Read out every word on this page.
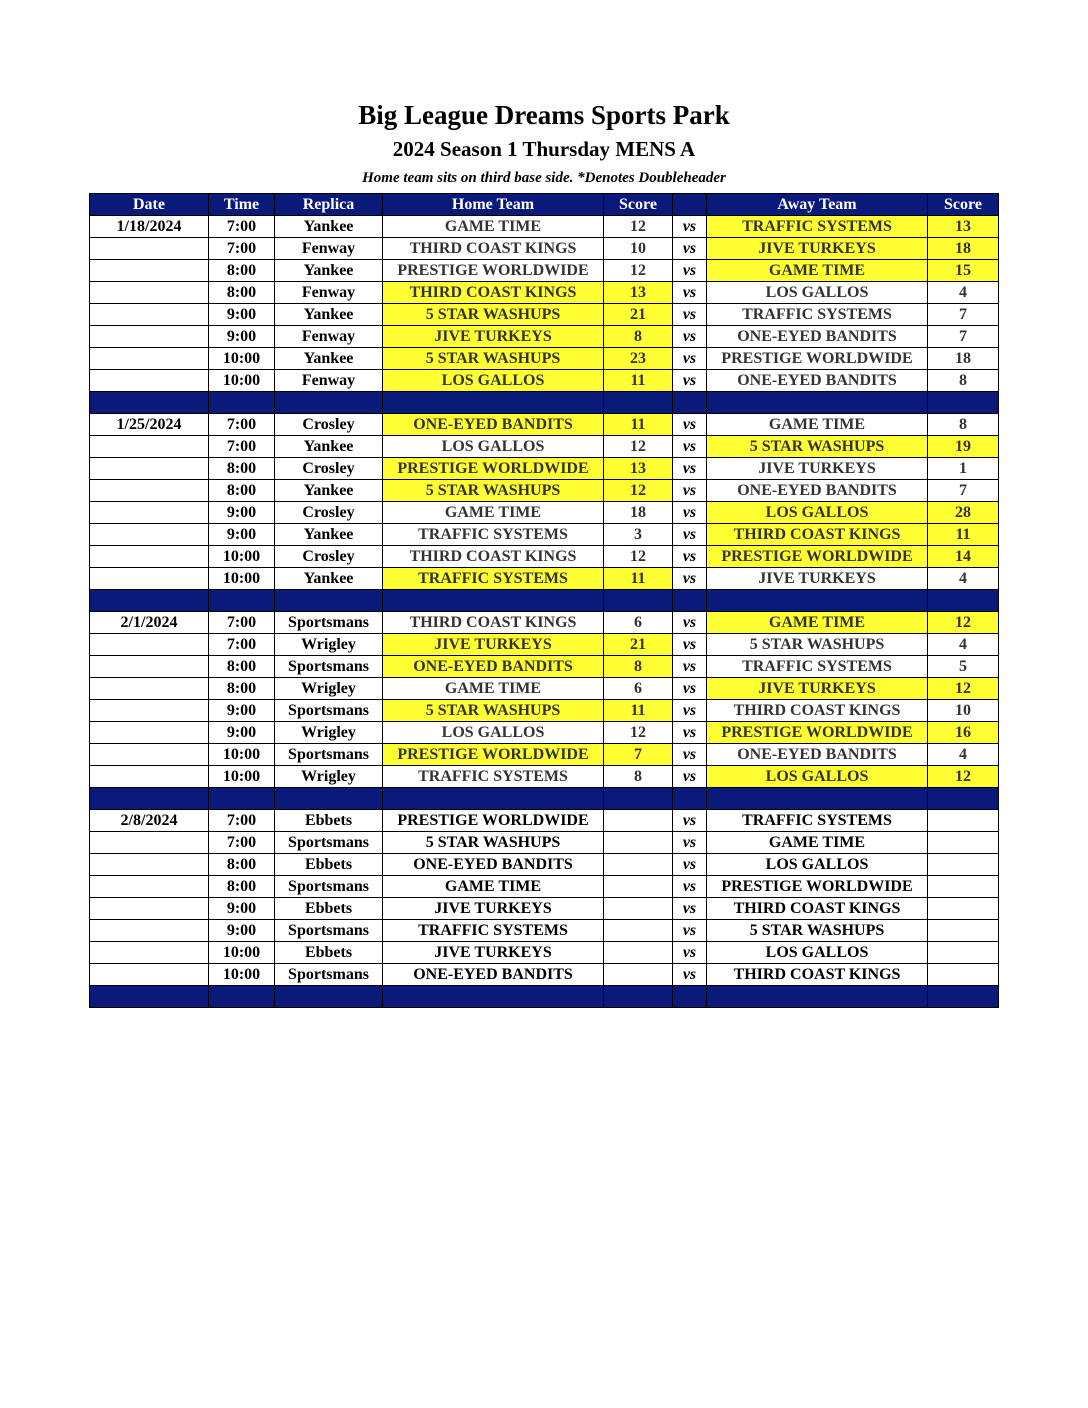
Big League Dreams Sports Park
2024 Season 1 Thursday MENS A
Home team sits on third base side. *Denotes Doubleheader
Date	Time	Replica	Home Team	Score		Away Team	Score
1/18/2024	7:00	Yankee	GAME TIME	12	vs	TRAFFIC SYSTEMS	13
	7:00	Fenway	THIRD COAST KINGS	10	vs	JIVE TURKEYS	18
	8:00	Yankee	PRESTIGE WORLDWIDE	12	vs	GAME TIME	15
	8:00	Fenway	THIRD COAST KINGS	13	vs	LOS GALLOS	4
	9:00	Yankee	5 STAR WASHUPS	21	vs	TRAFFIC SYSTEMS	7
	9:00	Fenway	JIVE TURKEYS	8	vs	ONE-EYED BANDITS	7
	10:00	Yankee	5 STAR WASHUPS	23	vs	PRESTIGE WORLDWIDE	18
	10:00	Fenway	LOS GALLOS	11	vs	ONE-EYED BANDITS	8

1/25/2024	7:00	Crosley	ONE-EYED BANDITS	11	vs	GAME TIME	8
	7:00	Yankee	LOS GALLOS	12	vs	5 STAR WASHUPS	19
	8:00	Crosley	PRESTIGE WORLDWIDE	13	vs	JIVE TURKEYS	1
	8:00	Yankee	5 STAR WASHUPS	12	vs	ONE-EYED BANDITS	7
	9:00	Crosley	GAME TIME	18	vs	LOS GALLOS	28
	9:00	Yankee	TRAFFIC SYSTEMS	3	vs	THIRD COAST KINGS	11
	10:00	Crosley	THIRD COAST KINGS	12	vs	PRESTIGE WORLDWIDE	14
	10:00	Yankee	TRAFFIC SYSTEMS	11	vs	JIVE TURKEYS	4

2/1/2024	7:00	Sportsmans	THIRD COAST KINGS	6	vs	GAME TIME	12
	7:00	Wrigley	JIVE TURKEYS	21	vs	5 STAR WASHUPS	4
	8:00	Sportsmans	ONE-EYED BANDITS	8	vs	TRAFFIC SYSTEMS	5
	8:00	Wrigley	GAME TIME	6	vs	JIVE TURKEYS	12
	9:00	Sportsmans	5 STAR WASHUPS	11	vs	THIRD COAST KINGS	10
	9:00	Wrigley	LOS GALLOS	12	vs	PRESTIGE WORLDWIDE	16
	10:00	Sportsmans	PRESTIGE WORLDWIDE	7	vs	ONE-EYED BANDITS	4
	10:00	Wrigley	TRAFFIC SYSTEMS	8	vs	LOS GALLOS	12

2/8/2024	7:00	Ebbets	PRESTIGE WORLDWIDE		vs	TRAFFIC SYSTEMS	
	7:00	Sportsmans	5 STAR WASHUPS		vs	GAME TIME	
	8:00	Ebbets	ONE-EYED BANDITS		vs	LOS GALLOS	
	8:00	Sportsmans	GAME TIME		vs	PRESTIGE WORLDWIDE	
	9:00	Ebbets	JIVE TURKEYS		vs	THIRD COAST KINGS	
	9:00	Sportsmans	TRAFFIC SYSTEMS		vs	5 STAR WASHUPS	
	10:00	Ebbets	JIVE TURKEYS		vs	LOS GALLOS	
	10:00	Sportsmans	ONE-EYED BANDITS		vs	THIRD COAST KINGS	
